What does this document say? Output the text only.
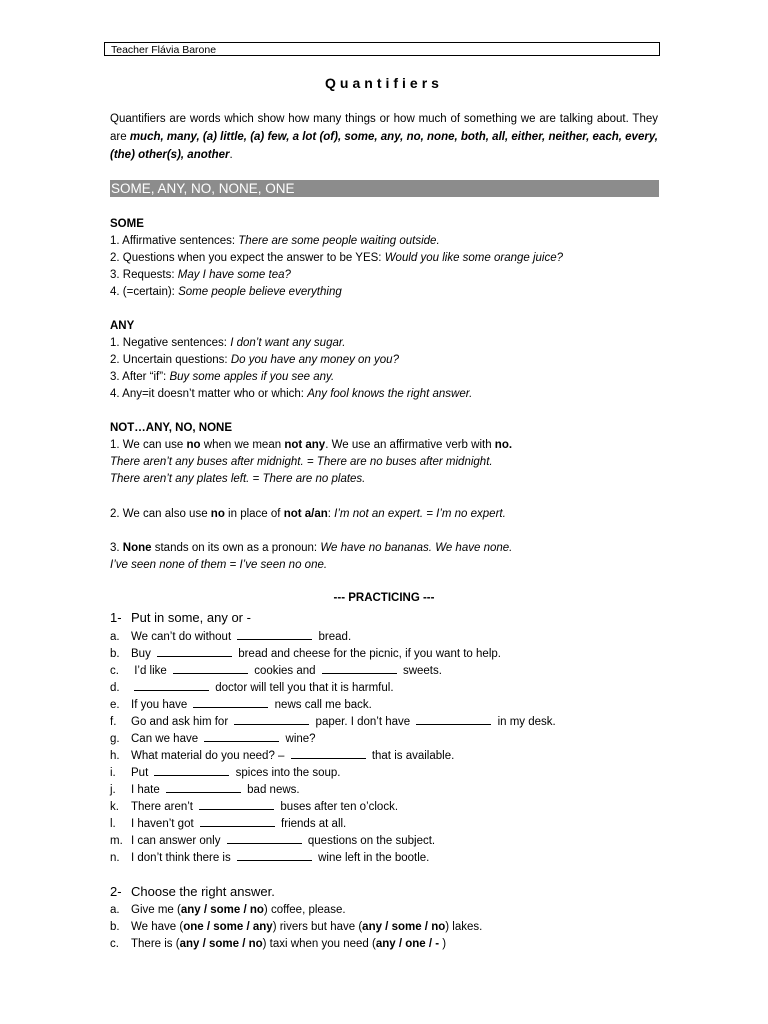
Teacher Flávia Barone
Quantifiers
Quantifiers are words which show how many things or how much of something we are talking about. They are much, many, (a) little, (a) few, a lot (of), some, any, no, none, both, all, either, neither, each, every, (the) other(s), another.
SOME, ANY, NO, NONE, ONE
SOME
1. Affirmative sentences: There are some people waiting outside.
2. Questions when you expect the answer to be YES: Would you like some orange juice?
3. Requests: May I have some tea?
4. (=certain): Some people believe everything
ANY
1. Negative sentences: I don’t want any sugar.
2. Uncertain questions: Do you have any money on you?
3. After “if”: Buy some apples if you see any.
4. Any=it doesn’t matter who or which: Any fool knows the right answer.
NOT…ANY, NO, NONE
1. We can use no when we mean not any. We use an affirmative verb with no.
There aren’t any buses after midnight. = There are no buses after midnight.
There aren’t any plates left. = There are no plates.
2. We can also use no in place of not a/an: I’m not an expert. = I’m no expert.
3. None stands on its own as a pronoun: We have no bananas. We have none.
I’ve seen none of them = I’ve seen no one.
--- PRACTICING ---
1- Put in some, any or -
a. We can’t do without	bread.
b. Buy	bread and cheese for the picnic, if you want to help.
c. I’d like	cookies and	sweets.
d.	doctor will tell you that it is harmful.
e. If you have	news call me back.
f. Go and ask him for	paper. I don’t have	in my desk.
g. Can we have	wine?
h. What material do you need? –	that is available.
i. Put	spices into the soup.
j. I hate	bad news.
k. There aren’t	buses after ten o’clock.
l. I haven’t got	friends at all.
m. I can answer only	questions on the subject.
n. I don’t think there is	wine left in the bootle.
2- Choose the right answer.
a. Give me (any / some / no) coffee, please.
b. We have (one / some / any) rivers but have (any / some / no) lakes.
c. There is (any / some / no) taxi when you need (any / one / - )
